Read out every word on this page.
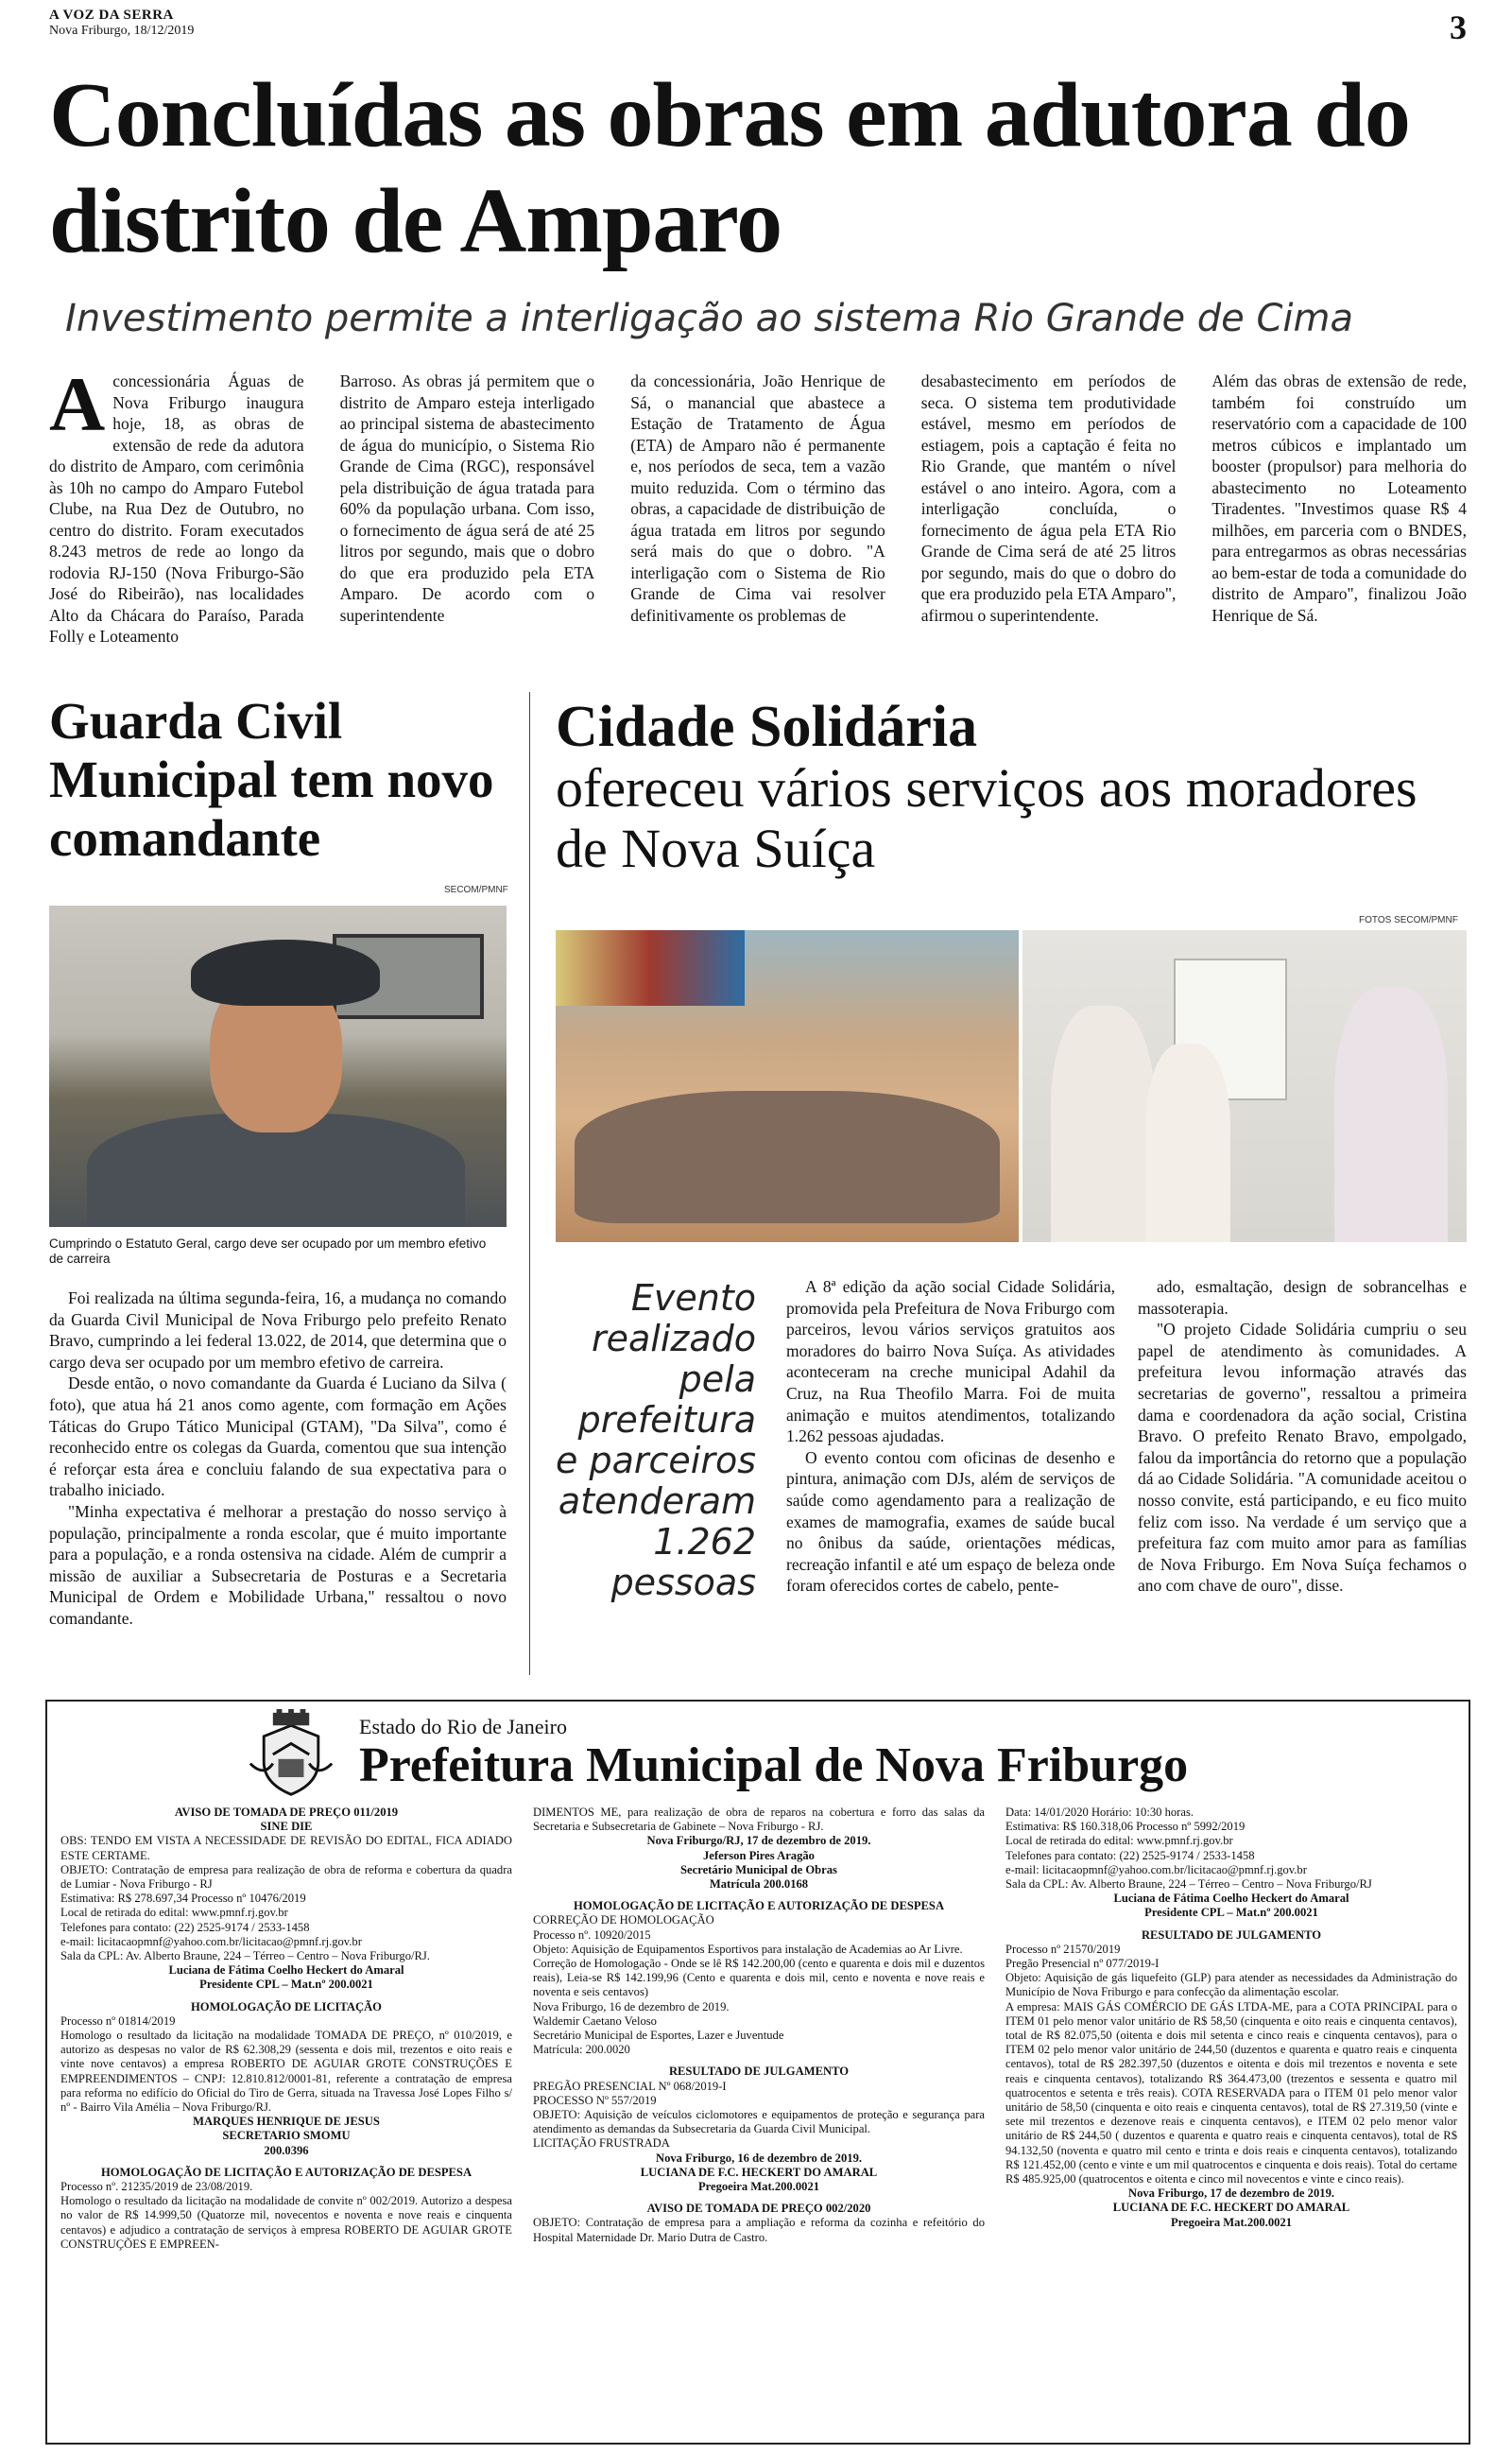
A VOZ DA SERRA
Nova Friburgo, 18/12/2019	3
Concluídas as obras em adutora do distrito de Amparo
Investimento permite a interligação ao sistema Rio Grande de Cima
A concessionária Águas de Nova Friburgo inaugura hoje, 18, as obras de extensão de rede da adutora do distrito de Amparo, com cerimônia às 10h no campo do Amparo Futebol Clube, na Rua Dez de Outubro, no centro do distrito. Foram executados 8.243 metros de rede ao longo da rodovia RJ-150 (Nova Friburgo-São José do Ribeirão), nas localidades Alto da Chácara do Paraíso, Parada Folly e Loteamento
Barroso. As obras já permitem que o distrito de Amparo esteja interligado ao principal sistema de abastecimento de água do município, o Sistema Rio Grande de Cima (RGC), responsável pela distribuição de água tratada para 60% da população urbana. Com isso, o fornecimento de água será de até 25 litros por segundo, mais que o dobro do que era produzido pela ETA Amparo. De acordo com o superintendente
da concessionária, João Henrique de Sá, o manancial que abastece a Estação de Tratamento de Água (ETA) de Amparo não é permanente e, nos períodos de seca, tem a vazão muito reduzida. Com o término das obras, a capacidade de distribuição de água tratada em litros por segundo será mais do que o dobro. "A interligação com o Sistema de Rio Grande de Cima vai resolver definitivamente os problemas de
desabastecimento em períodos de seca. O sistema tem produtividade estável, mesmo em períodos de estiagem, pois a captação é feita no Rio Grande, que mantém o nível estável o ano inteiro. Agora, com a interligação concluída, o fornecimento de água pela ETA Rio Grande de Cima será de até 25 litros por segundo, mais do que o dobro do que era produzido pela ETA Amparo", afirmou o superintendente.
Além das obras de extensão de rede, também foi construído um reservatório com a capacidade de 100 metros cúbicos e implantado um booster (propulsor) para melhoria do abastecimento no Loteamento Tiradentes. "Investimos quase R$ 4 milhões, em parceria com o BNDES, para entregarmos as obras necessárias ao bem-estar de toda a comunidade do distrito de Amparo", finalizou João Henrique de Sá.
Guarda Civil Municipal tem novo comandante
SECOM/PMNF
Cumprindo o Estatuto Geral, cargo deve ser ocupado por um membro efetivo de carreira

Foi realizada na última segunda-feira, 16, a mudança no comando da Guarda Civil Municipal de Nova Friburgo pelo prefeito Renato Bravo, cumprindo a lei federal 13.022, de 2014, que determina que o cargo deva ser ocupado por um membro efetivo de carreira.

Desde então, o novo comandante da Guarda é Luciano da Silva ( foto), que atua há 21 anos como agente, com formação em Ações Táticas do Grupo Tático Municipal (GTAM), "Da Silva", como é reconhecido entre os colegas da Guarda, comentou que sua intenção é reforçar esta área e concluiu falando de sua expectativa para o trabalho iniciado.

"Minha expectativa é melhorar a prestação do nosso serviço à população, principalmente a ronda escolar, que é muito importante para a população, e a ronda ostensiva na cidade. Além de cumprir a missão de auxiliar a Subsecretaria de Posturas e a Secretaria Municipal de Ordem e Mobilidade Urbana," ressaltou o novo comandante.

Cidade Solidária
ofereceu vários serviços aos moradores de Nova Suíça
FOTOS SECOM/PMNF
Evento realizado pela prefeitura e parceiros atenderam 1.262 pessoas

A 8ª edição da ação social Cidade Solidária, promovida pela Prefeitura de Nova Friburgo com parceiros, levou vários serviços gratuitos aos moradores do bairro Nova Suíça. As atividades aconteceram na creche municipal Adahil da Cruz, na Rua Theofilo Marra. Foi de muita animação e muitos atendimentos, totalizando 1.262 pessoas ajudadas.

O evento contou com oficinas de desenho e pintura, animação com DJs, além de serviços de saúde como agendamento para a realização de exames de mamografia, exames de saúde bucal no ônibus da saúde, orientações médicas, recreação infantil e até um espaço de beleza onde foram oferecidos cortes de cabelo, pente-

ado, esmaltação, design de sobrancelhas e massoterapia.

"O projeto Cidade Solidária cumpriu o seu papel de atendimento às comunidades. A prefeitura levou informação através das secretarias de governo", ressaltou a primeira dama e coordenadora da ação social, Cristina Bravo. O prefeito Renato Bravo, empolgado, falou da importância do retorno que a população dá ao Cidade Solidária. "A comunidade aceitou o nosso convite, está participando, e eu fico muito feliz com isso. Na verdade é um serviço que a prefeitura faz com muito amor para as famílias de Nova Friburgo. Em Nova Suíça fechamos o ano com chave de ouro", disse.

Estado do Rio de Janeiro
Prefeitura Municipal de Nova Friburgo
AVISO DE TOMADA DE PREÇO 011/2019
SINE DIE
OBS: TENDO EM VISTA A NECESSIDADE DE REVISÃO DO EDITAL, FICA ADIADO ESTE CERTAME.
OBJETO: Contratação de empresa para realização de obra de reforma e cobertura da quadra de Lumiar - Nova Friburgo - RJ
Estimativa: R$ 278.697,34 Processo nº 10476/2019
Local de retirada do edital: www.pmnf.rj.gov.br
Telefones para contato: (22) 2525-9174 / 2533-1458
e-mail: licitacaopmnf@yahoo.com.br/licitacao@pmnf.rj.gov.br
Sala da CPL: Av. Alberto Braune, 224 – Térreo – Centro – Nova Friburgo/RJ.
Luciana de Fátima Coelho Heckert do Amaral
Presidente CPL – Mat.nº 200.0021
HOMOLOGAÇÃO DE LICITAÇÃO
Processo nº 01814/2019
Homologo o resultado da licitação na modalidade TOMADA DE PREÇO, nº 010/2019, e autorizo as despesas no valor de R$ 62.308,29 (sessenta e dois mil, trezentos e oito reais e vinte nove centavos) a empresa ROBERTO DE AGUIAR GROTE CONSTRUÇÕES E EMPREENDIMENTOS – CNPJ: 12.810.812/0001-81, referente a contratação de empresa para reforma no edifício do Oficial do Tiro de Gerra, situada na Travessa José Lopes Filho s/ nº - Bairro Vila Amélia – Nova Friburgo/RJ.
MARQUES HENRIQUE DE JESUS
SECRETARIO SMOMU
200.0396
HOMOLOGAÇÃO DE LICITAÇÃO E AUTORIZAÇÃO DE DESPESA
Processo nº. 21235/2019 de 23/08/2019.
Homologo o resultado da licitação na modalidade de convite nº 002/2019. Autorizo a despesa no valor de R$ 14.999,50 (Quatorze mil, novecentos e noventa e nove reais e cinquenta centavos) e adjudico a contratação de serviços à empresa ROBERTO DE AGUIAR GROTE CONSTRUÇÕES E EMPREEN-
DIMENTOS ME, para realização de obra de reparos na cobertura e forro das salas da Secretaria e Subsecretaria de Gabinete – Nova Friburgo - RJ.
Nova Friburgo/RJ, 17 de dezembro de 2019.
Jeferson Pires Aragão
Secretário Municipal de Obras
Matrícula 200.0168
HOMOLOGAÇÃO DE LICITAÇÃO E AUTORIZAÇÃO DE DESPESA
CORREÇÃO DE HOMOLOGAÇÃO
Processo nº. 10920/2015
Objeto: Aquisição de Equipamentos Esportivos para instalação de Academias ao Ar Livre.
Correção de Homologação - Onde se lê R$ 142.200,00 (cento e quarenta e dois mil e duzentos reais), Leia-se R$ 142.199,96 (Cento e quarenta e dois mil, cento e noventa e nove reais e noventa e seis centavos)
Nova Friburgo, 16 de dezembro de 2019.
Waldemir Caetano Veloso
Secretário Municipal de Esportes, Lazer e Juventude
Matrícula: 200.0020
RESULTADO DE JULGAMENTO
PREGÃO PRESENCIAL Nº 068/2019-I
PROCESSO Nº 557/2019
OBJETO: Aquisição de veículos ciclomotores e equipamentos de proteção e segurança para atendimento as demandas da Subsecretaria da Guarda Civil Municipal.
LICITAÇÃO FRUSTRADA
Nova Friburgo, 16 de dezembro de 2019.
LUCIANA DE F.C. HECKERT DO AMARAL
Pregoeira Mat.200.0021
AVISO DE TOMADA DE PREÇO 002/2020
OBJETO: Contratação de empresa para a ampliação e reforma da cozinha e refeitório do Hospital Maternidade Dr. Mario Dutra de Castro.
Data: 14/01/2020 Horário: 10:30 horas.
Estimativa: R$ 160.318,06 Processo nº 5992/2019
Local de retirada do edital: www.pmnf.rj.gov.br
Telefones para contato: (22) 2525-9174 / 2533-1458
e-mail: licitacaopmnf@yahoo.com.br/licitacao@pmnf.rj.gov.br
Sala da CPL: Av. Alberto Braune, 224 – Térreo – Centro – Nova Friburgo/RJ
Luciana de Fátima Coelho Heckert do Amaral
Presidente CPL – Mat.nº 200.0021
RESULTADO DE JULGAMENTO
Processo nº 21570/2019
Pregão Presencial nº 077/2019-I
Objeto: Aquisição de gás liquefeito (GLP) para atender as necessidades da Administração do Município de Nova Friburgo e para confecção da alimentação escolar.
A empresa: MAIS GÁS COMÉRCIO DE GÁS LTDA-ME, para a COTA PRINCIPAL para o ITEM 01 pelo menor valor unitário de R$ 58,50 (cinquenta e oito reais e cinquenta centavos), total de R$ 82.075,50 (oitenta e dois mil setenta e cinco reais e cinquenta centavos), para o ITEM 02 pelo menor valor unitário de 244,50 (duzentos e quarenta e quatro reais e cinquenta centavos), total de R$ 282.397,50 (duzentos e oitenta e dois mil trezentos e noventa e sete reais e cinquenta centavos), totalizando R$ 364.473,00 (trezentos e sessenta e quatro mil quatrocentos e setenta e três reais). COTA RESERVADA para o ITEM 01 pelo menor valor unitário de 58,50 (cinquenta e oito reais e cinquenta centavos), total de R$ 27.319,50 (vinte e sete mil trezentos e dezenove reais e cinquenta centavos), e ITEM 02 pelo menor valor unitário de R$ 244,50 ( duzentos e quarenta e quatro reais e cinquenta centavos), total de R$ 94.132,50 (noventa e quatro mil cento e trinta e dois reais e cinquenta centavos), totalizando R$ 121.452,00 (cento e vinte e um mil quatrocentos e cinquenta e dois reais). Total do certame R$ 485.925,00 (quatrocentos e oitenta e cinco mil novecentos e vinte e cinco reais).
Nova Friburgo, 17 de dezembro de 2019.
LUCIANA DE F.C. HECKERT DO AMARAL
Pregoeira Mat.200.0021
